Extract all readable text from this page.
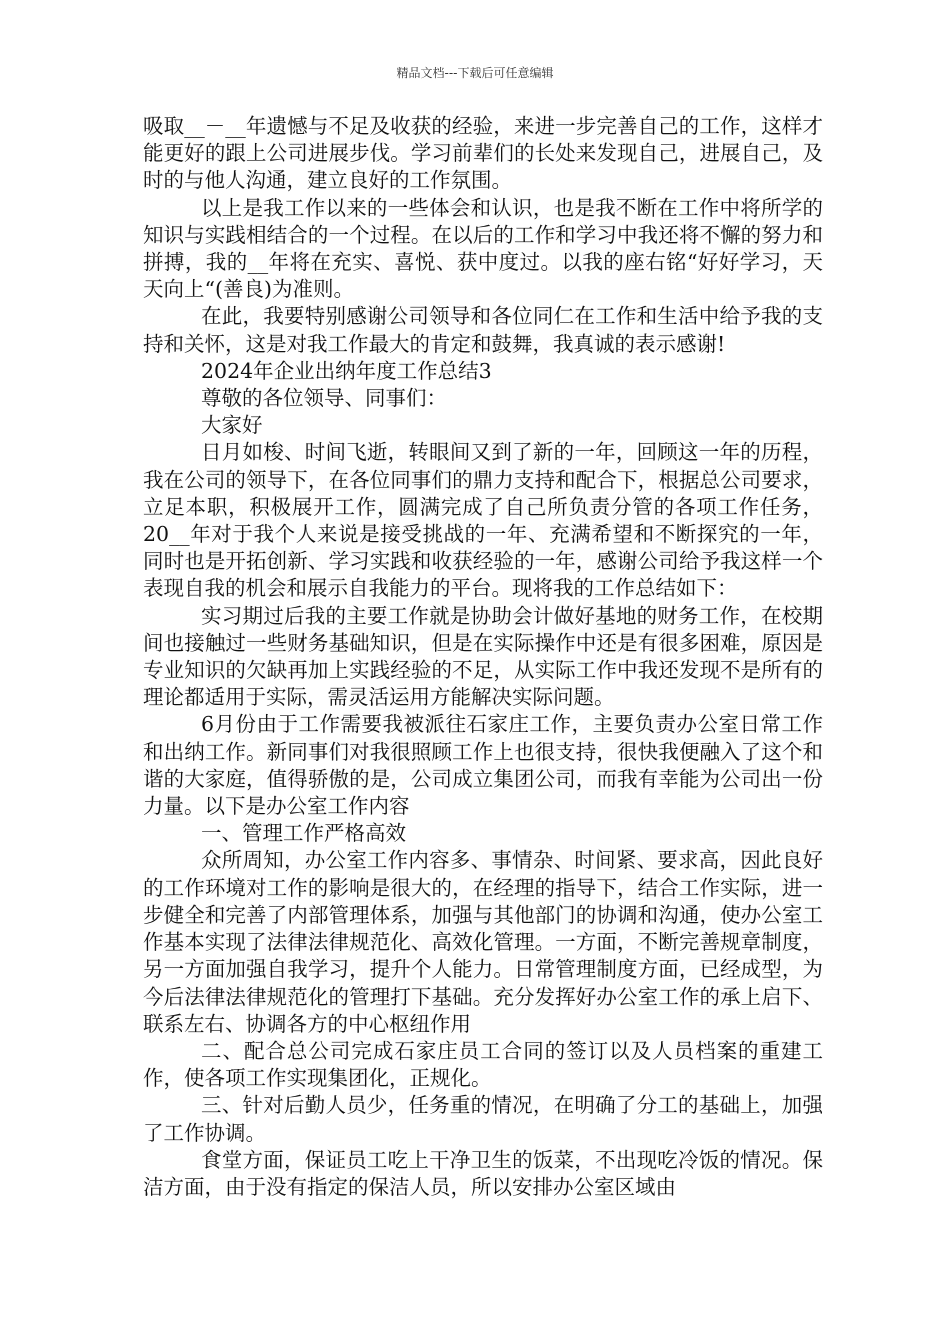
精品文档---下载后可任意编辑

吸取__－__年遗憾与不足及收获的经验，来进一步完善自己的工作，这样才能更好的跟上公司进展步伐。学习前辈们的长处来发现自己，进展自己，及时的与他人沟通，建立良好的工作氛围。

以上是我工作以来的一些体会和认识，也是我不断在工作中将所学的知识与实践相结合的一个过程。在以后的工作和学习中我还将不懈的努力和拼搏，我的__年将在充实、喜悦、获中度过。以我的座右铭“好好学习，天天向上“(善良)为准则。

在此，我要特别感谢公司领导和各位同仁在工作和生活中给予我的支持和关怀，这是对我工作最大的肯定和鼓舞，我真诚的表示感谢!

2024年企业出纳年度工作总结3

尊敬的各位领导、同事们：

大家好

日月如梭、时间飞逝，转眼间又到了新的一年，回顾这一年的历程，我在公司的领导下，在各位同事们的鼎力支持和配合下，根据总公司要求，立足本职，积极展开工作，圆满完成了自己所负责分管的各项工作任务，20__年对于我个人来说是接受挑战的一年、充满希望和不断探究的一年，同时也是开拓创新、学习实践和收获经验的一年，感谢公司给予我这样一个表现自我的机会和展示自我能力的平台。现将我的工作总结如下：

实习期过后我的主要工作就是协助会计做好基地的财务工作，在校期间也接触过一些财务基础知识，但是在实际操作中还是有很多困难，原因是专业知识的欠缺再加上实践经验的不足，从实际工作中我还发现不是所有的理论都适用于实际，需灵活运用方能解决实际问题。

6月份由于工作需要我被派往石家庄工作，主要负责办公室日常工作和出纳工作。新同事们对我很照顾工作上也很支持，很快我便融入了这个和谐的大家庭，值得骄傲的是，公司成立集团公司，而我有幸能为公司出一份力量。以下是办公室工作内容

一、管理工作严格高效

众所周知，办公室工作内容多、事情杂、时间紧、要求高，因此良好的工作环境对工作的影响是很大的，在经理的指导下，结合工作实际，进一步健全和完善了内部管理体系，加强与其他部门的协调和沟通，使办公室工作基本实现了法律法律规范化、高效化管理。一方面，不断完善规章制度，另一方面加强自我学习，提升个人能力。日常管理制度方面，已经成型，为今后法律法律规范化的管理打下基础。充分发挥好办公室工作的承上启下、联系左右、协调各方的中心枢纽作用

二、配合总公司完成石家庄员工合同的签订以及人员档案的重建工作，使各项工作实现集团化，正规化。

三、针对后勤人员少，任务重的情况，在明确了分工的基础上，加强了工作协调。

食堂方面，保证员工吃上干净卫生的饭菜，不出现吃冷饭的情况。保洁方面，由于没有指定的保洁人员，所以安排办公室区域由
